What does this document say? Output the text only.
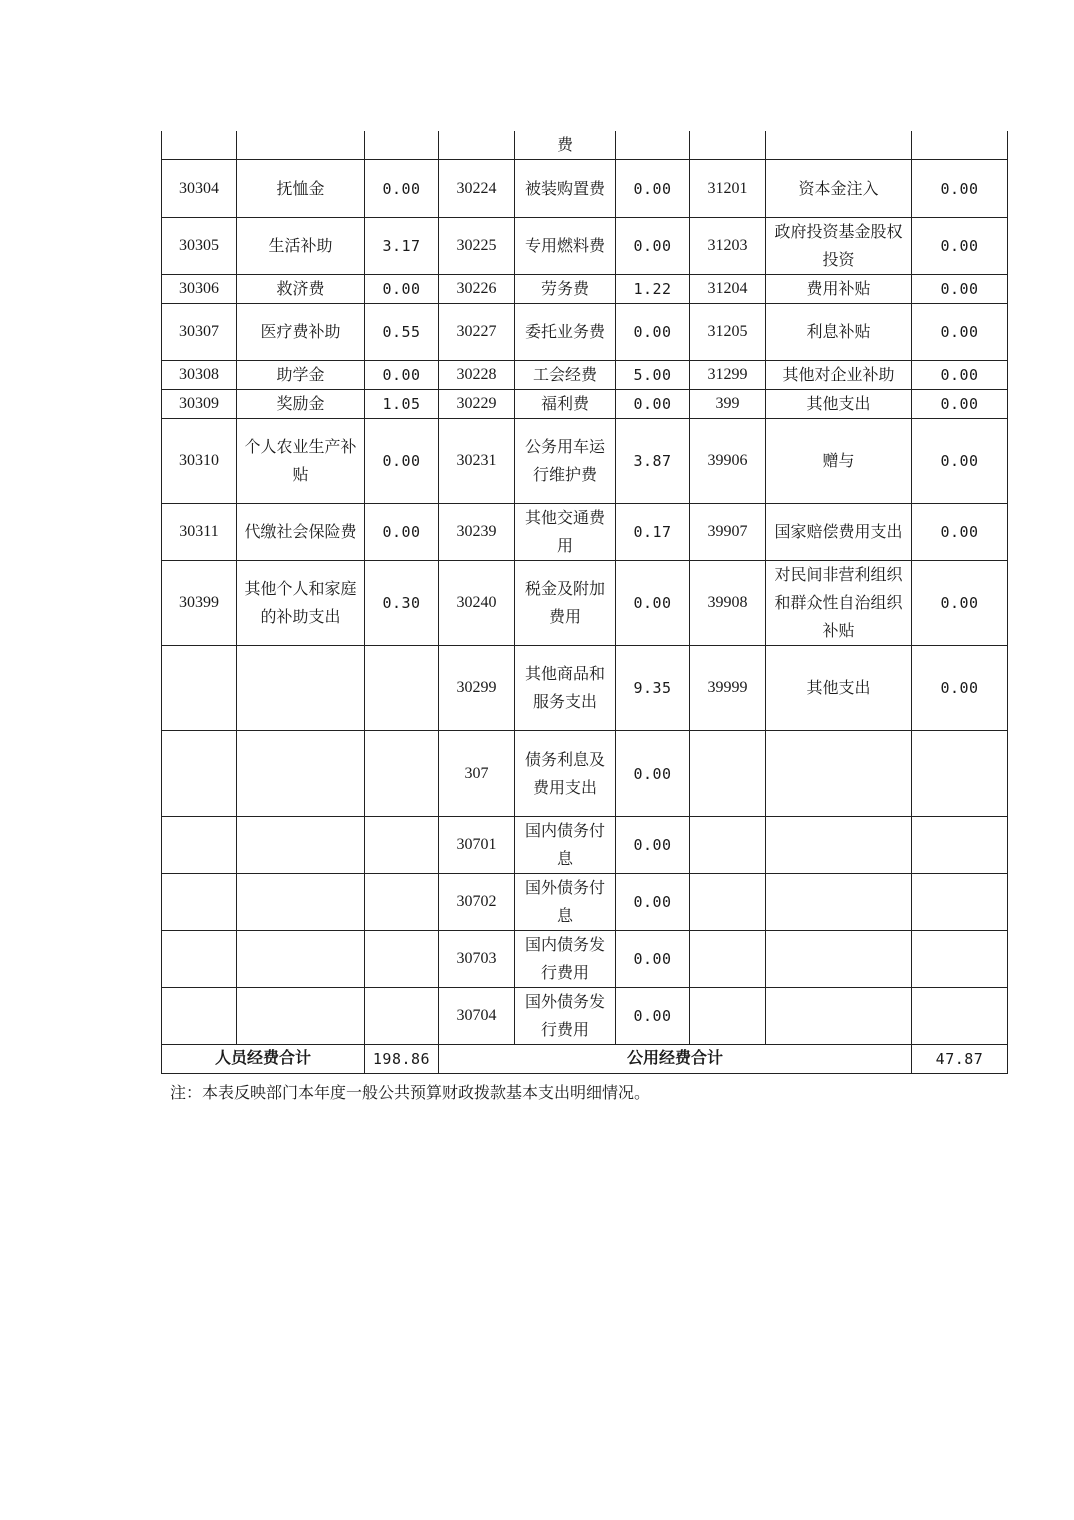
				费				
30304	抚恤金	0.00	30224	被装购置费	0.00	31201	资本金注入	0.00
30305	生活补助	3.17	30225	专用燃料费	0.00	31203	政府投资基金股权投资	0.00
30306	救济费	0.00	30226	劳务费	1.22	31204	费用补贴	0.00
30307	医疗费补助	0.55	30227	委托业务费	0.00	31205	利息补贴	0.00
30308	助学金	0.00	30228	工会经费	5.00	31299	其他对企业补助	0.00
30309	奖励金	1.05	30229	福利费	0.00	399	其他支出	0.00
30310	个人农业生产补贴	0.00	30231	公务用车运行维护费	3.87	39906	赠与	0.00
30311	代缴社会保险费	0.00	30239	其他交通费用	0.17	39907	国家赔偿费用支出	0.00
30399	其他个人和家庭的补助支出	0.30	30240	税金及附加费用	0.00	39908	对民间非营利组织和群众性自治组织补贴	0.00
			30299	其他商品和服务支出	9.35	39999	其他支出	0.00
			307	债务利息及费用支出	0.00			
			30701	国内债务付息	0.00			
			30702	国外债务付息	0.00			
			30703	国内债务发行费用	0.00			
			30704	国外债务发行费用	0.00			
人员经费合计		198.86	公用经费合计					47.87

注：本表反映部门本年度一般公共预算财政拨款基本支出明细情况。
